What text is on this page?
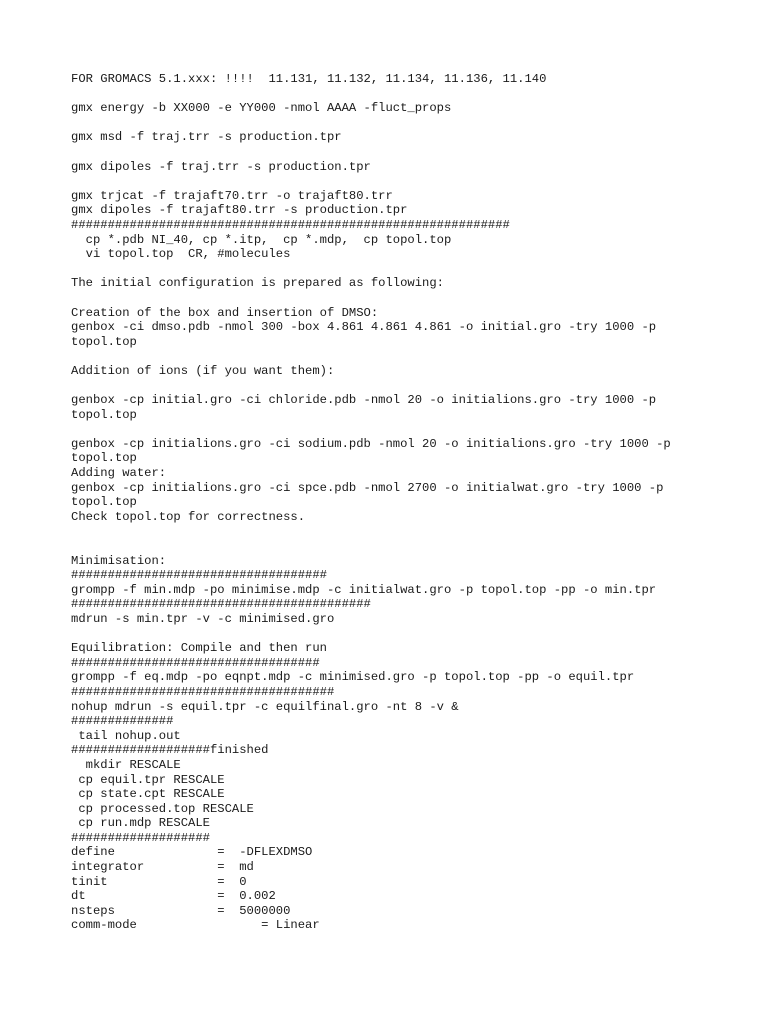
FOR GROMACS 5.1.xxx: !!!!  11.131, 11.132, 11.134, 11.136, 11.140
gmx energy -b XX000 -e YY000 -nmol AAAA -fluct_props
gmx msd -f traj.trr -s production.tpr
gmx dipoles -f traj.trr -s production.tpr
gmx trjcat -f trajaft70.trr -o trajaft80.trr
gmx dipoles -f trajaft80.trr -s production.tpr
############################################################
cp *.pdb NI_40, cp *.itp,  cp *.mdp,  cp topol.top
vi topol.top  CR, #molecules
The initial configuration is prepared as following:
Creation of the box and insertion of DMSO:
genbox -ci dmso.pdb -nmol 300 -box 4.861 4.861 4.861 -o initial.gro -try 1000 -p
topol.top
Addition of ions (if you want them):
genbox -cp initial.gro -ci chloride.pdb -nmol 20 -o initialions.gro -try 1000 -p
topol.top
genbox -cp initialions.gro -ci sodium.pdb -nmol 20 -o initialions.gro -try 1000 -p
topol.top
Adding water:
genbox -cp initialions.gro -ci spce.pdb -nmol 2700 -o initialwat.gro -try 1000 -p
topol.top
Check topol.top for correctness.
Minimisation:
###################################
grompp -f min.mdp -po minimise.mdp -c initialwat.gro -p topol.top -pp -o min.tpr
#########################################
mdrun -s min.tpr -v -c minimised.gro
Equilibration: Compile and then run
##################################
grompp -f eq.mdp -po eqnpt.mdp -c minimised.gro -p topol.top -pp -o equil.tpr
####################################
nohup mdrun -s equil.tpr -c equilfinal.gro -nt 8 -v &
##############
tail nohup.out
###################finished
mkdir RESCALE
cp equil.tpr RESCALE
cp state.cpt RESCALE
cp processed.top RESCALE
cp run.mdp RESCALE
###################
define              =  -DFLEXDMSO
integrator          =  md
tinit               =  0
dt                  =  0.002
nsteps              =  5000000
comm-mode                 = Linear
